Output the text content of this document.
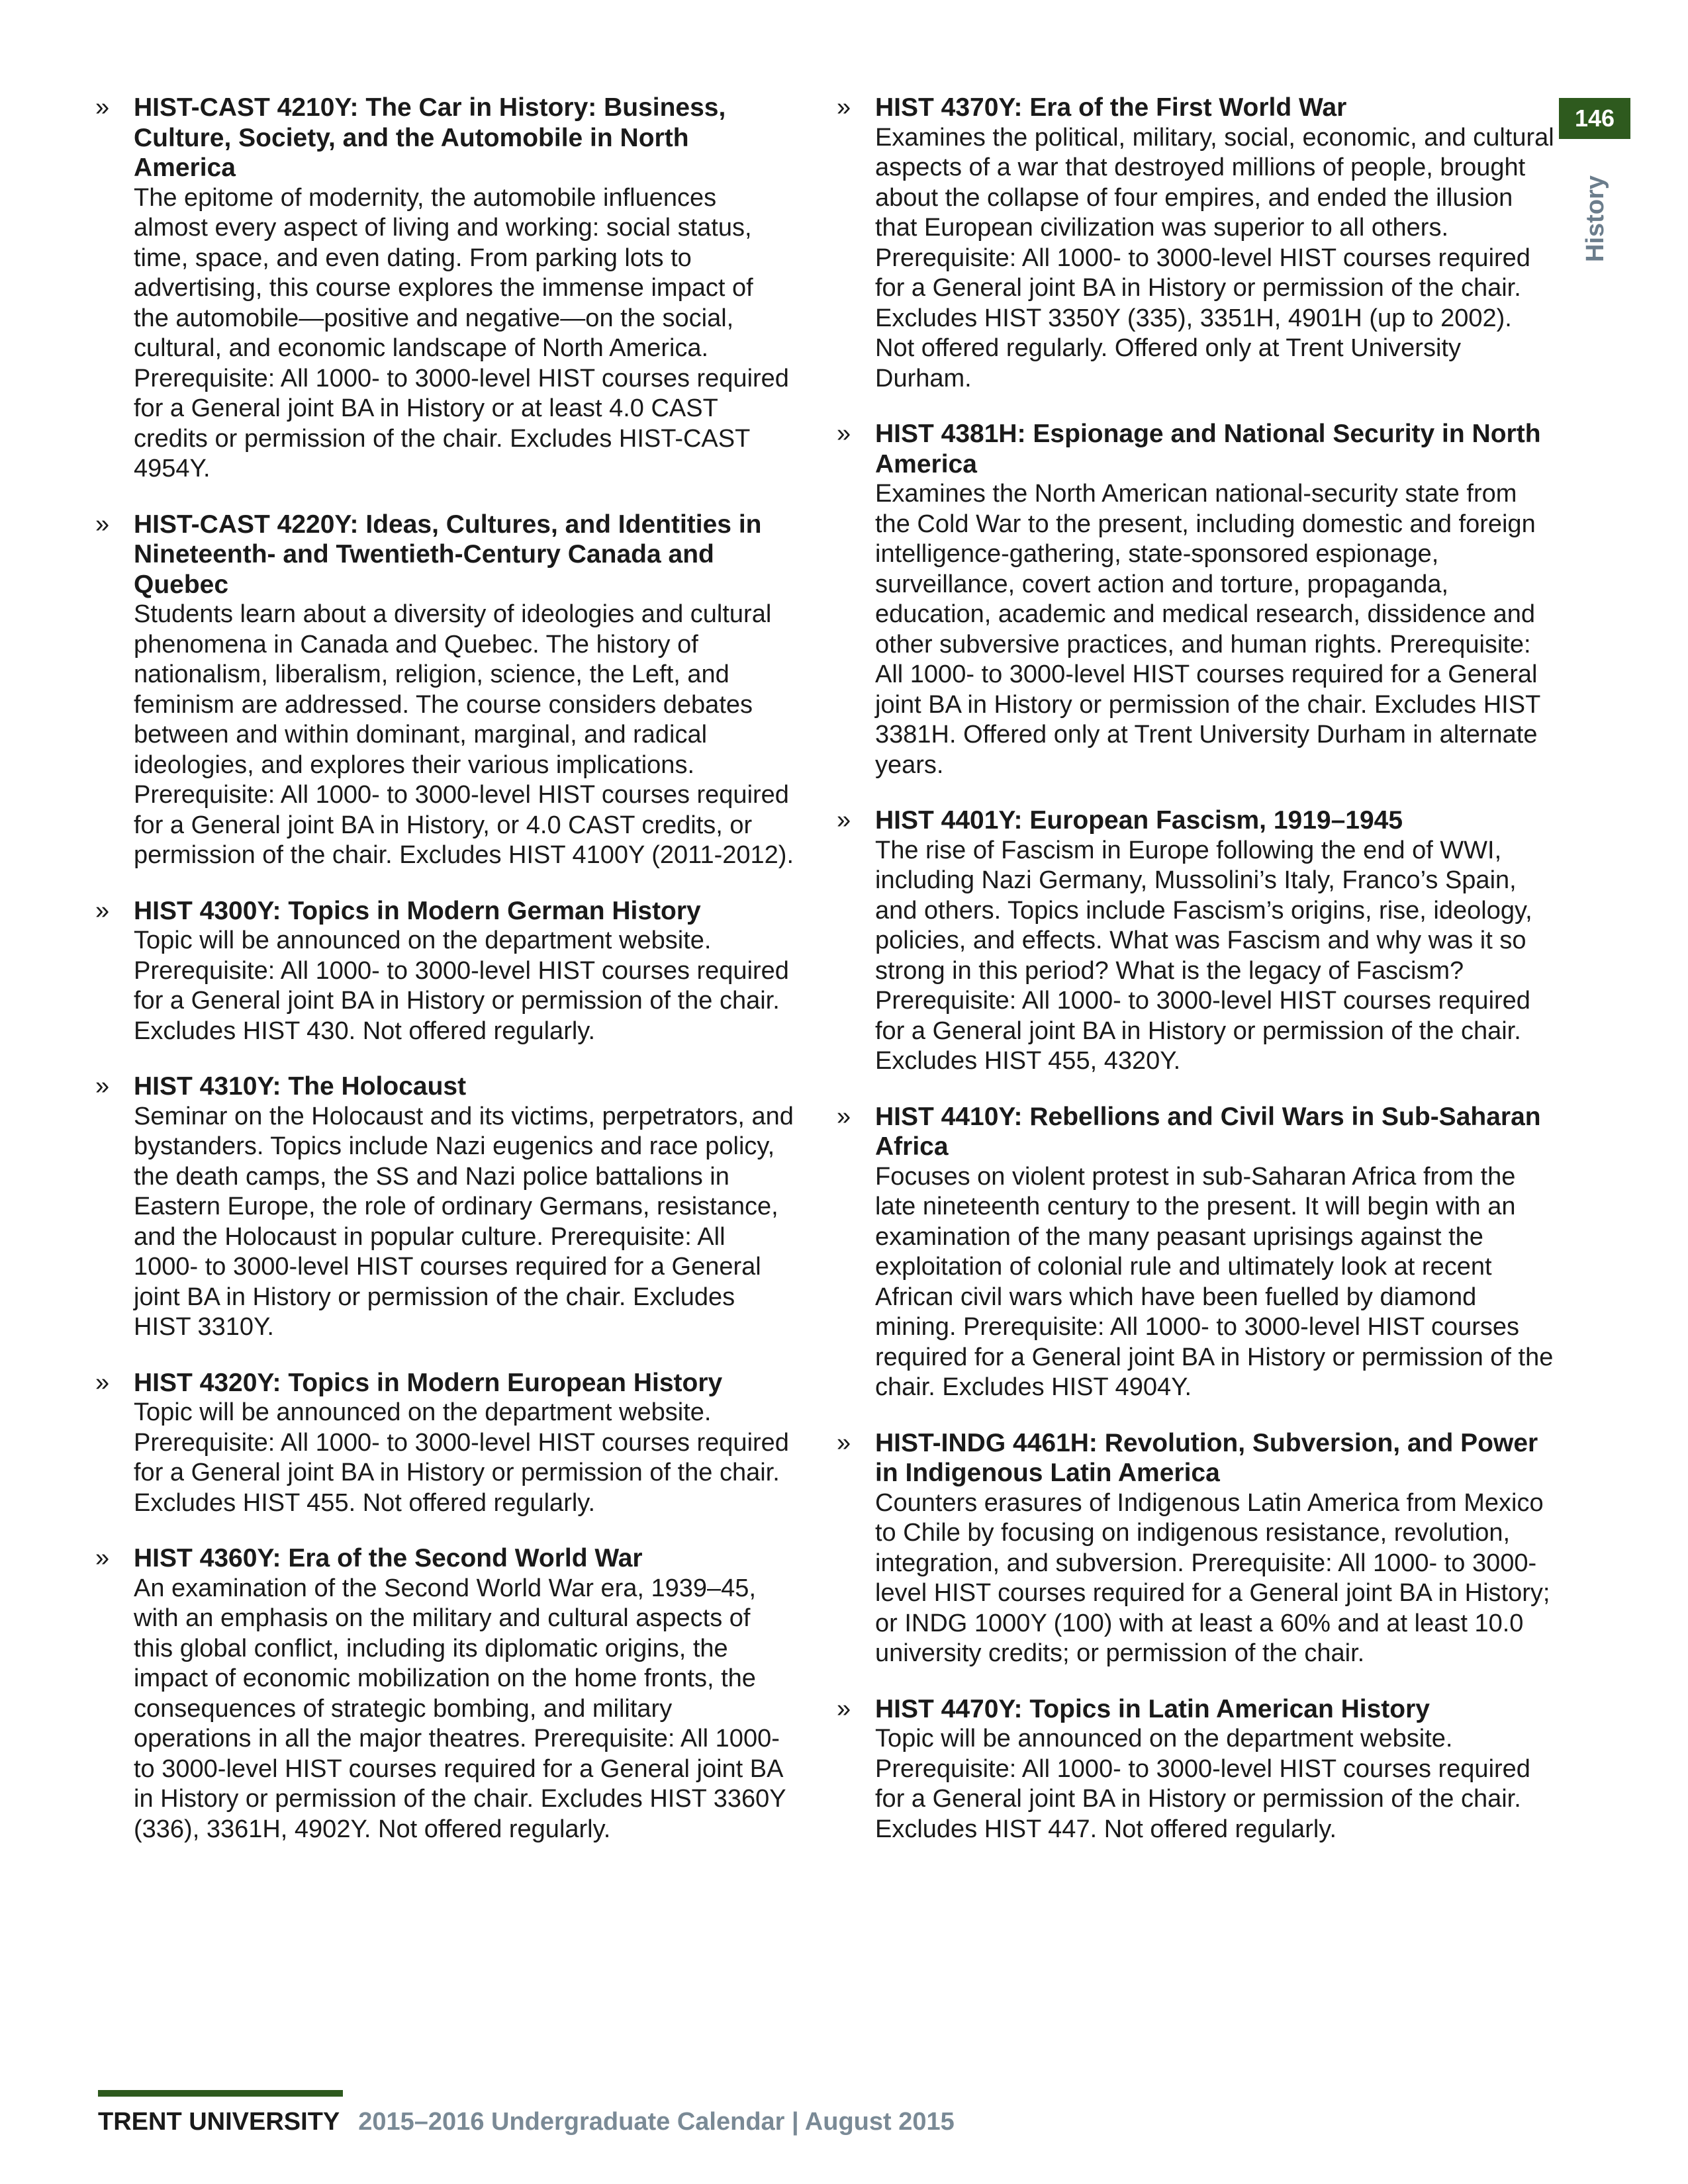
» HIST-CAST 4210Y: The Car in History: Business, Culture, Society, and the Automobile in North America

The epitome of modernity, the automobile influences almost every aspect of living and working: social status, time, space, and even dating. From parking lots to advertising, this course explores the immense impact of the automobile—positive and negative—on the social, cultural, and economic landscape of North America. Prerequisite: All 1000- to 3000-level HIST courses required for a General joint BA in History or at least 4.0 CAST credits or permission of the chair. Excludes HIST-CAST 4954Y.

» HIST-CAST 4220Y: Ideas, Cultures, and Identities in Nineteenth- and Twentieth-Century Canada and Quebec

Students learn about a diversity of ideologies and cultural phenomena in Canada and Quebec. The history of nationalism, liberalism, religion, science, the Left, and feminism are addressed. The course considers debates between and within dominant, marginal, and radical ideologies, and explores their various implications. Prerequisite: All 1000- to 3000-level HIST courses required for a General joint BA in History, or 4.0 CAST credits, or permission of the chair. Excludes HIST 4100Y (2011-2012).

» HIST 4300Y: Topics in Modern German History

Topic will be announced on the department website. Prerequisite: All 1000- to 3000-level HIST courses required for a General joint BA in History or permission of the chair. Excludes HIST 430. Not offered regularly.

» HIST 4310Y: The Holocaust

Seminar on the Holocaust and its victims, perpetrators, and bystanders. Topics include Nazi eugenics and race policy, the death camps, the SS and Nazi police battalions in Eastern Europe, the role of ordinary Germans, resistance, and the Holocaust in popular culture. Prerequisite: All 1000- to 3000-level HIST courses required for a General joint BA in History or permission of the chair. Excludes HIST 3310Y.

» HIST 4320Y: Topics in Modern European History

Topic will be announced on the department website. Prerequisite: All 1000- to 3000-level HIST courses required for a General joint BA in History or permission of the chair. Excludes HIST 455. Not offered regularly.

» HIST 4360Y: Era of the Second World War

An examination of the Second World War era, 1939–45, with an emphasis on the military and cultural aspects of this global conflict, including its diplomatic origins, the impact of economic mobilization on the home fronts, the consequences of strategic bombing, and military operations in all the major theatres. Prerequisite: All 1000- to 3000-level HIST courses required for a General joint BA in History or permission of the chair. Excludes HIST 3360Y (336), 3361H, 4902Y. Not offered regularly.

» HIST 4370Y: Era of the First World War

Examines the political, military, social, economic, and cultural aspects of a war that destroyed millions of people, brought about the collapse of four empires, and ended the illusion that European civilization was superior to all others. Prerequisite: All 1000- to 3000-level HIST courses required for a General joint BA in History or permission of the chair. Excludes HIST 3350Y (335), 3351H, 4901H (up to 2002). Not offered regularly. Offered only at Trent University Durham.

» HIST 4381H: Espionage and National Security in North America

Examines the North American national-security state from the Cold War to the present, including domestic and foreign intelligence-gathering, state-sponsored espionage, surveillance, covert action and torture, propaganda, education, academic and medical research, dissidence and other subversive practices, and human rights. Prerequisite: All 1000- to 3000-level HIST courses required for a General joint BA in History or permission of the chair. Excludes HIST 3381H. Offered only at Trent University Durham in alternate years.

» HIST 4401Y: European Fascism, 1919–1945

The rise of Fascism in Europe following the end of WWI, including Nazi Germany, Mussolini’s Italy, Franco’s Spain, and others. Topics include Fascism’s origins, rise, ideology, policies, and effects. What was Fascism and why was it so strong in this period? What is the legacy of Fascism? Prerequisite: All 1000- to 3000-level HIST courses required for a General joint BA in History or permission of the chair. Excludes HIST 455, 4320Y.

» HIST 4410Y: Rebellions and Civil Wars in Sub-Saharan Africa

Focuses on violent protest in sub-Saharan Africa from the late nineteenth century to the present. It will begin with an examination of the many peasant uprisings against the exploitation of colonial rule and ultimately look at recent African civil wars which have been fuelled by diamond mining. Prerequisite: All 1000- to 3000-level HIST courses required for a General joint BA in History or permission of the chair. Excludes HIST 4904Y.

» HIST-INDG 4461H: Revolution, Subversion, and Power in Indigenous Latin America

Counters erasures of Indigenous Latin America from Mexico to Chile by focusing on indigenous resistance, revolution, integration, and subversion. Prerequisite: All 1000- to 3000-level HIST courses required for a General joint BA in History; or INDG 1000Y (100) with at least a 60% and at least 10.0 university credits; or permission of the chair.

» HIST 4470Y: Topics in Latin American History

Topic will be announced on the department website. Prerequisite: All 1000- to 3000-level HIST courses required for a General joint BA in History or permission of the chair. Excludes HIST 447. Not offered regularly.

146
History
TRENT UNIVERSITY 2015–2016 Undergraduate Calendar | August 2015
